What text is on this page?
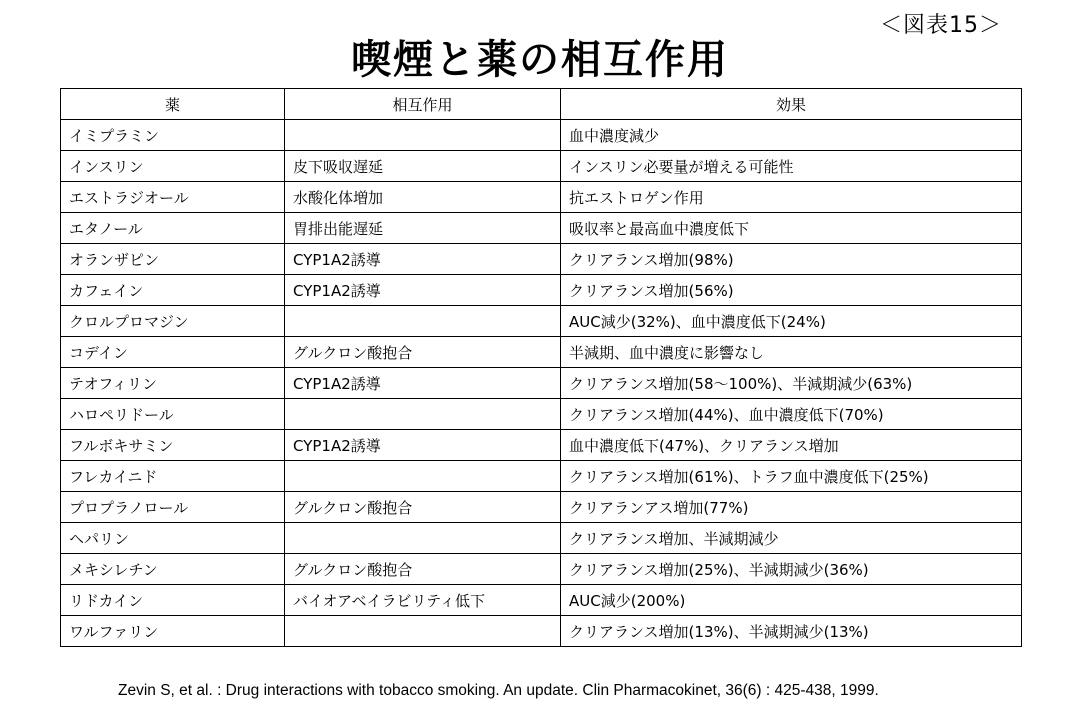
＜図表15＞
喫煙と薬の相互作用
薬	相互作用	効果
イミプラミン		血中濃度減少
インスリン	皮下吸収遅延	インスリン必要量が増える可能性
エストラジオール	水酸化体増加	抗エストロゲン作用
エタノール	胃排出能遅延	吸収率と最高血中濃度低下
オランザピン	CYP1A2誘導	クリアランス増加(98%)
カフェイン	CYP1A2誘導	クリアランス増加(56%)
クロルプロマジン		AUC減少(32%)、血中濃度低下(24%)
コデイン	グルクロン酸抱合	半減期、血中濃度に影響なし
テオフィリン	CYP1A2誘導	クリアランス増加(58～100%)、半減期減少(63%)
ハロペリドール		クリアランス増加(44%)、血中濃度低下(70%)
フルボキサミン	CYP1A2誘導	血中濃度低下(47%)、クリアランス増加
フレカイニド		クリアランス増加(61%)、トラフ血中濃度低下(25%)
プロプラノロール	グルクロン酸抱合	クリアランアス増加(77%)
ヘパリン		クリアランス増加、半減期減少
メキシレチン	グルクロン酸抱合	クリアランス増加(25%)、半減期減少(36%)
リドカイン	バイオアベイラビリティ低下	AUC減少(200%)
ワルファリン		クリアランス増加(13%)、半減期減少(13%)
Zevin S, et al. : Drug interactions with tobacco smoking. An update. Clin Pharmacokinet, 36(6) : 425-438, 1999.
